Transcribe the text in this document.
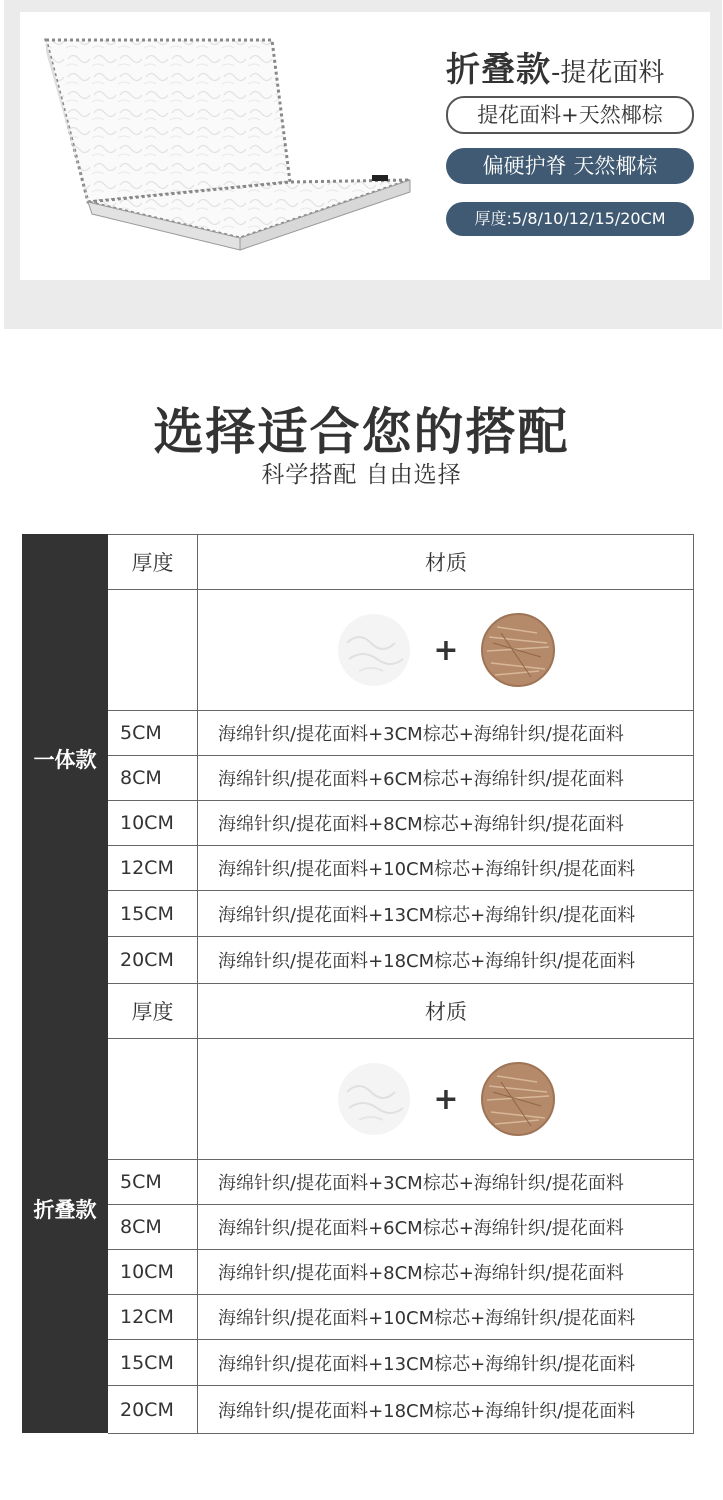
折叠款-提花面料
提花面料+天然椰棕
偏硬护脊 天然椰棕
厚度:5/8/10/12/15/20CM
选择适合您的搭配
科学搭配 自由选择
一体款
厚度	材质
+
5CM	海绵针织/提花面料+3CM棕芯+海绵针织/提花面料
8CM	海绵针织/提花面料+6CM棕芯+海绵针织/提花面料
10CM	海绵针织/提花面料+8CM棕芯+海绵针织/提花面料
12CM	海绵针织/提花面料+10CM棕芯+海绵针织/提花面料
15CM	海绵针织/提花面料+13CM棕芯+海绵针织/提花面料
20CM	海绵针织/提花面料+18CM棕芯+海绵针织/提花面料
折叠款
厚度	材质
+
5CM	海绵针织/提花面料+3CM棕芯+海绵针织/提花面料
8CM	海绵针织/提花面料+6CM棕芯+海绵针织/提花面料
10CM	海绵针织/提花面料+8CM棕芯+海绵针织/提花面料
12CM	海绵针织/提花面料+10CM棕芯+海绵针织/提花面料
15CM	海绵针织/提花面料+13CM棕芯+海绵针织/提花面料
20CM	海绵针织/提花面料+18CM棕芯+海绵针织/提花面料
